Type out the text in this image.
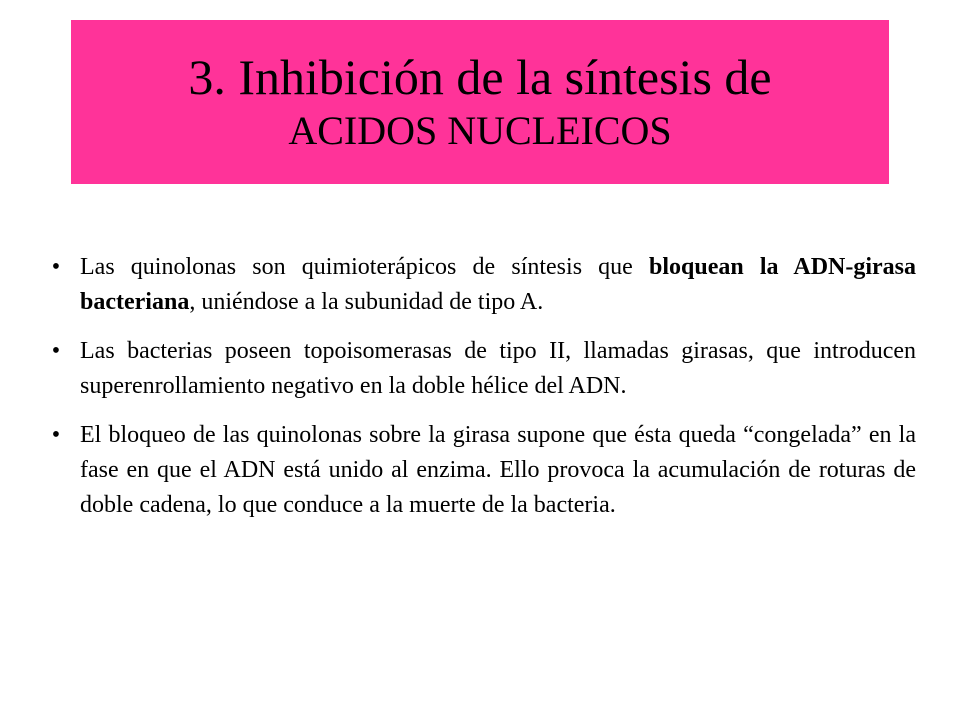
3. Inhibición de la síntesis de
ACIDOS NUCLEICOS
• Las quinolonas son quimioterápicos de síntesis que bloquean la ADN-girasa bacteriana, uniéndose a la subunidad de tipo A.
• Las bacterias poseen topoisomerasas de tipo II, llamadas girasas, que introducen superenrollamiento negativo en la doble hélice del ADN.
• El bloqueo de las quinolonas sobre la girasa supone que ésta queda “congelada” en la fase en que el ADN está unido al enzima. Ello provoca la acumulación de roturas de doble cadena, lo que conduce a la muerte de la bacteria.
